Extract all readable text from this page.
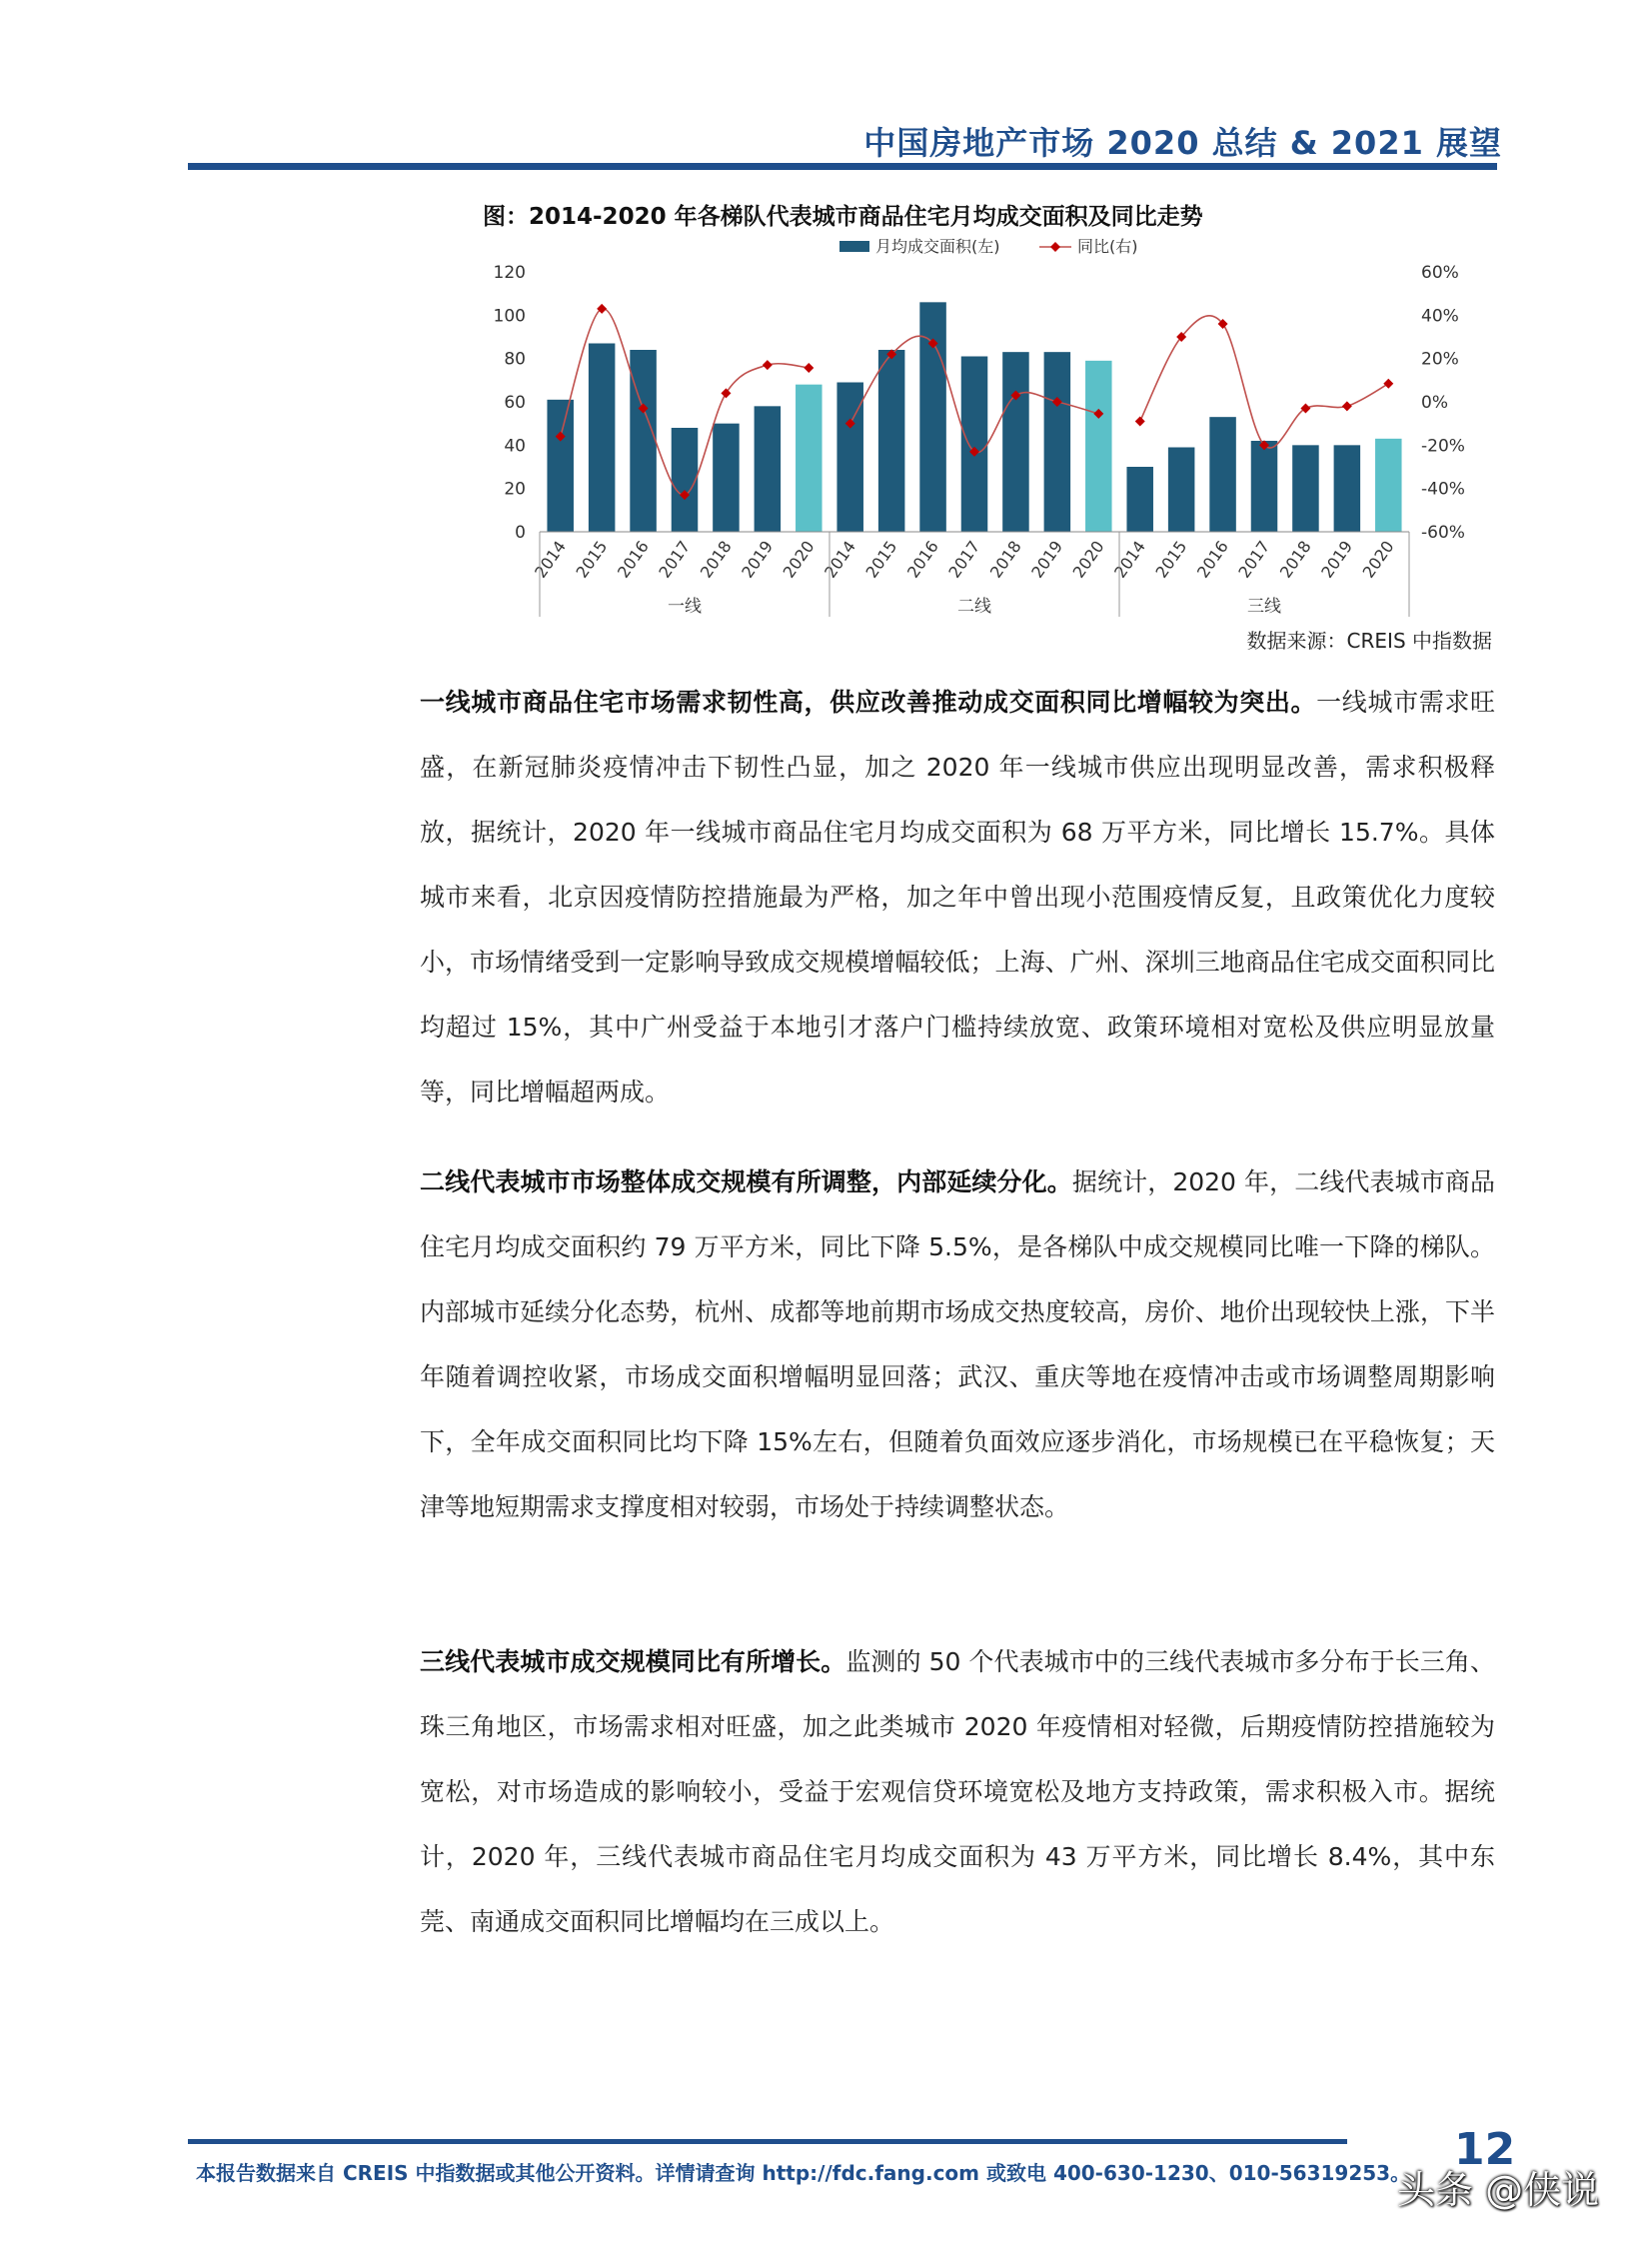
中国房地产市场 2020 总结 & 2021 展望
图：2014-2020 年各梯队代表城市商品住宅月均成交面积及同比走势
0
20
40
60
80
100
120
-60%
-40%
-20%
0%
20%
40%
60%
2014 2015 2016 2017 2018 2019 2020 2014 2015 2016 2017 2018 2019 2020 2014 2015 2016 2017 2018 2019 2020
一线	二线	三线
月均成交面积(左)	同比(右)
数据来源：CREIS 中指数据

一线城市商品住宅市场需求韧性高，供应改善推动成交面积同比增幅较为突出。一线城市需求旺盛，在新冠肺炎疫情冲击下韧性凸显，加之 2020 年一线城市供应出现明显改善，需求积极释放，据统计，2020 年一线城市商品住宅月均成交面积为 68 万平方米，同比增长 15.7%。具体城市来看，北京因疫情防控措施最为严格，加之年中曾出现小范围疫情反复，且政策优化力度较小，市场情绪受到一定影响导致成交规模增幅较低；上海、广州、深圳三地商品住宅成交面积同比均超过 15%，其中广州受益于本地引才落户门槛持续放宽、政策环境相对宽松及供应明显放量等，同比增幅超两成。

二线代表城市市场整体成交规模有所调整，内部延续分化。据统计，2020 年，二线代表城市商品住宅月均成交面积约 79 万平方米，同比下降 5.5%，是各梯队中成交规模同比唯一下降的梯队。内部城市延续分化态势，杭州、成都等地前期市场成交热度较高，房价、地价出现较快上涨，下半年随着调控收紧，市场成交面积增幅明显回落；武汉、重庆等地在疫情冲击或市场调整周期影响下，全年成交面积同比均下降 15%左右，但随着负面效应逐步消化，市场规模已在平稳恢复；天津等地短期需求支撑度相对较弱，市场处于持续调整状态。

三线代表城市成交规模同比有所增长。监测的 50 个代表城市中的三线代表城市多分布于长三角、珠三角地区，市场需求相对旺盛，加之此类城市 2020 年疫情相对轻微，后期疫情防控措施较为宽松，对市场造成的影响较小，受益于宏观信贷环境宽松及地方支持政策，需求积极入市。据统计，2020 年，三线代表城市商品住宅月均成交面积为 43 万平方米，同比增长 8.4%，其中东莞、南通成交面积同比增幅均在三成以上。

本报告数据来自 CREIS 中指数据或其他公开资料。详情请查询 http://fdc.fang.com 或致电 400-630-1230、010-56319253。 12
头条 @侠说
